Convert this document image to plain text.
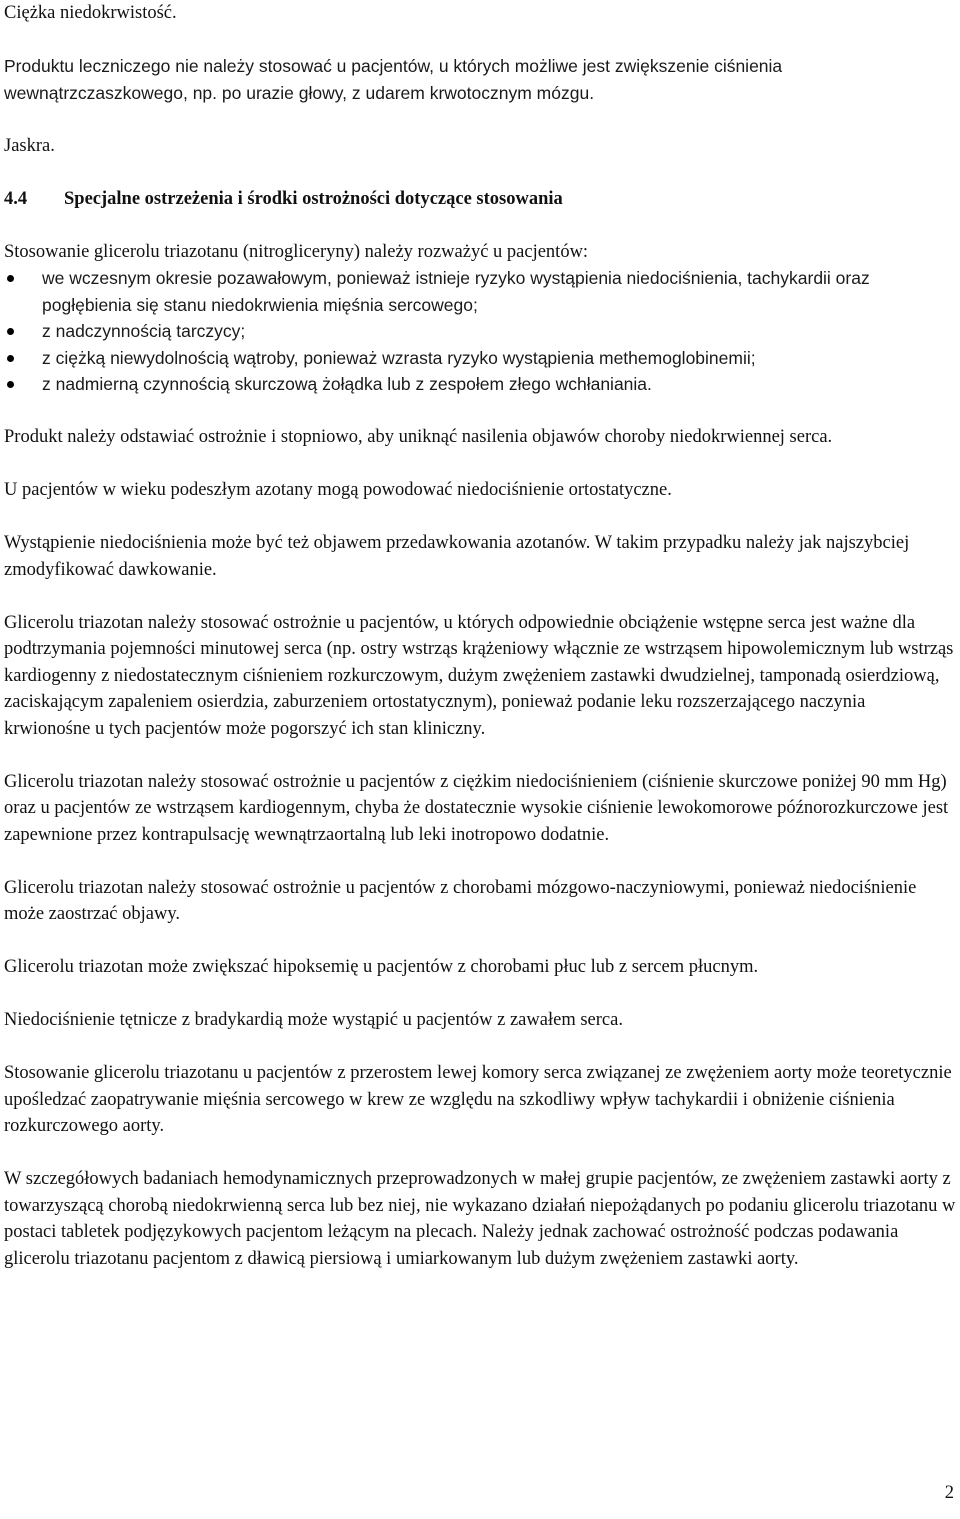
Ciężka niedokrwistość.

Produktu leczniczego nie należy stosować u pacjentów, u których możliwe jest zwiększenie ciśnienia wewnątrzczaszkowego, np. po urazie głowy, z udarem krwotocznym mózgu.

Jaskra.

4.4	Specjalne ostrzeżenia i środki ostrożności dotyczące stosowania

Stosowanie glicerolu triazotanu (nitrogliceryny) należy rozważyć u pacjentów:

we wczesnym okresie pozawałowym, ponieważ istnieje ryzyko wystąpienia niedociśnienia, tachykardii oraz pogłębienia się stanu niedokrwienia mięśnia sercowego;
z nadczynnością tarczycy;
z ciężką niewydolnością wątroby, ponieważ wzrasta ryzyko wystąpienia methemoglobinemii;
z nadmierną czynnością skurczową żołądka lub z zespołem złego wchłaniania.

Produkt należy odstawiać ostrożnie i stopniowo, aby uniknąć nasilenia objawów choroby niedokrwiennej serca.

U pacjentów w wieku podeszłym azotany mogą powodować niedociśnienie ortostatyczne.

Wystąpienie niedociśnienia może być też objawem przedawkowania azotanów. W takim przypadku należy jak najszybciej zmodyfikować dawkowanie.

Glicerolu triazotan należy stosować ostrożnie u pacjentów, u których odpowiednie obciążenie wstępne serca jest ważne dla podtrzymania pojemności minutowej serca (np. ostry wstrząs krążeniowy włącznie ze wstrząsem hipowolemicznym lub wstrząs kardiogenny z niedostatecznym ciśnieniem rozkurczowym, dużym zwężeniem zastawki dwudzielnej, tamponadą osierdziową, zaciskającym zapaleniem osierdzia, zaburzeniem ortostatycznym), ponieważ podanie leku rozszerzającego naczynia krwionośne u tych pacjentów może pogorszyć ich stan kliniczny.

Glicerolu triazotan należy stosować ostrożnie u pacjentów z ciężkim niedociśnieniem (ciśnienie skurczowe poniżej 90 mm Hg) oraz u pacjentów ze wstrząsem kardiogennym, chyba że dostatecznie wysokie ciśnienie lewokomorowe późnorozkurczowe jest zapewnione przez kontrapulsację wewnątrzaortalną lub leki inotropowo dodatnie.

Glicerolu triazotan należy stosować ostrożnie u pacjentów z chorobami mózgowo-naczyniowymi, ponieważ niedociśnienie może zaostrzać objawy.

Glicerolu triazotan może zwiększać hipoksemię u pacjentów z chorobami płuc lub z sercem płucnym.

Niedociśnienie tętnicze z bradykardią może wystąpić u pacjentów z zawałem serca.

Stosowanie glicerolu triazotanu u pacjentów z przerostem lewej komory serca związanej ze zwężeniem aorty może teoretycznie upośledzać zaopatrywanie mięśnia sercowego w krew ze względu na szkodliwy wpływ tachykardii i obniżenie ciśnienia rozkurczowego aorty.

W szczegółowych badaniach hemodynamicznych przeprowadzonych w małej grupie pacjentów, ze zwężeniem zastawki aorty z towarzyszącą chorobą niedokrwienną serca lub bez niej, nie wykazano działań niepożądanych po podaniu glicerolu triazotanu w postaci tabletek podjęzykowych pacjentom leżącym na plecach. Należy jednak zachować ostrożność podczas podawania glicerolu triazotanu pacjentom z dławicą piersiową i umiarkowanym lub dużym zwężeniem zastawki aorty.

2
